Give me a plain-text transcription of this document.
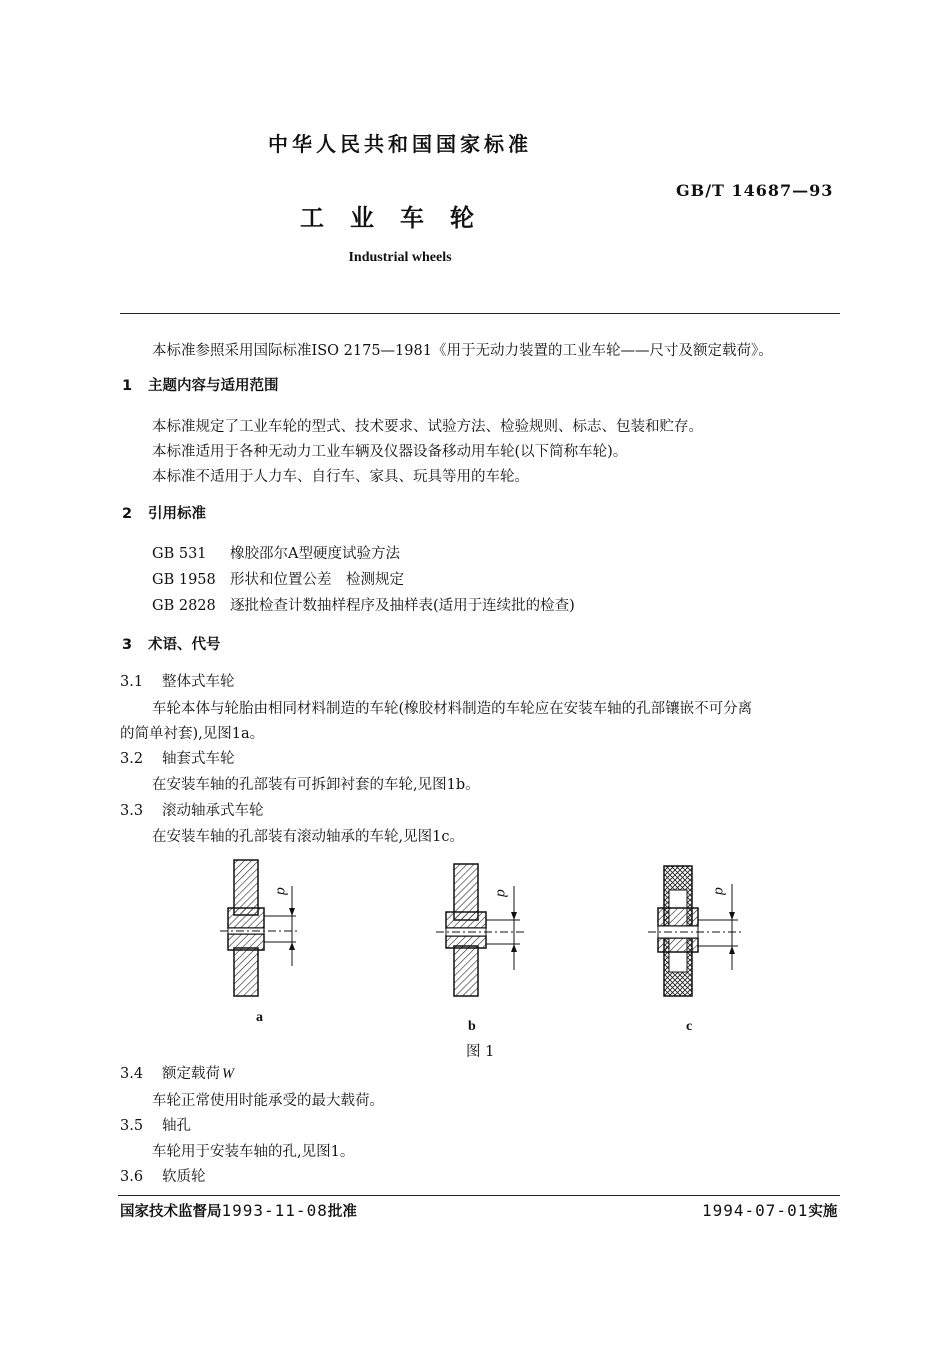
中华人民共和国国家标准
GB/T 14687—93
工业车轮
Industrial wheels
本标准参照采用国际标准ISO 2175—1981《用于无动力装置的工业车轮——尺寸及额定载荷》。
1 主题内容与适用范围
本标准规定了工业车轮的型式、技术要求、试验方法、检验规则、标志、包装和贮存。
本标准适用于各种无动力工业车辆及仪器设备移动用车轮(以下简称车轮)。
本标准不适用于人力车、自行车、家具、玩具等用的车轮。
2 引用标准
GB 531 橡胶邵尔A型硬度试验方法
GB 1958 形状和位置公差　检测规定
GB 2828 逐批检查计数抽样程序及抽样表(适用于连续批的检查)
3 术语、代号
3.1 整体式车轮
车轮本体与轮胎由相同材料制造的车轮(橡胶材料制造的车轮应在安装车轴的孔部镶嵌不可分离
的简单衬套),见图1a。
3.2 轴套式车轮
在安装车轴的孔部装有可拆卸衬套的车轮,见图1b。
3.3 滚动轴承式车轮
在安装车轴的孔部装有滚动轴承的车轮,见图1c。
d	d	d
a
b	c
图 1
3.4 额定载荷 W
车轮正常使用时能承受的最大载荷。
3.5 轴孔
车轮用于安装车轴的孔,见图1。
3.6 软质轮
国家技术监督局1993-11-08批准	1994-07-01实施
